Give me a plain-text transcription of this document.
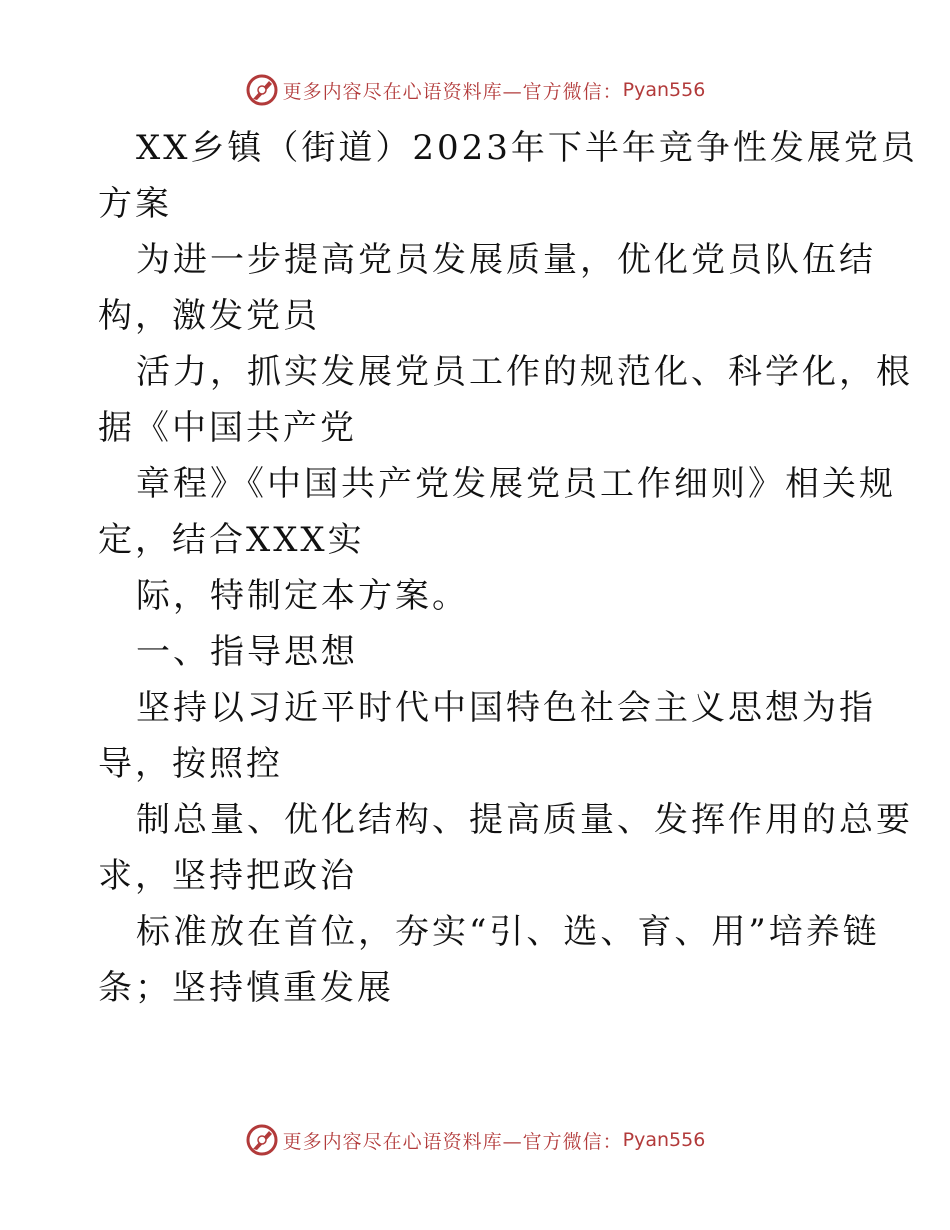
更多内容尽在心语资料库—官方微信： Pyan556
XX乡镇（街道）2023年下半年竞争性发展党员
方案
为进一步提高党员发展质量，优化党员队伍结
构，激发党员
活力，抓实发展党员工作的规范化、科学化，根
据《中国共产党
章程》《中国共产党发展党员工作细则》相关规
定，结合XXX实
际，特制定本方案。
一、指导思想
坚持以习近平时代中国特色社会主义思想为指
导，按照控
制总量、优化结构、提高质量、发挥作用的总要
求，坚持把政治
标准放在首位，夯实“引、选、育、用”培养链
条；坚持慎重发展
更多内容尽在心语资料库—官方微信： Pyan556
